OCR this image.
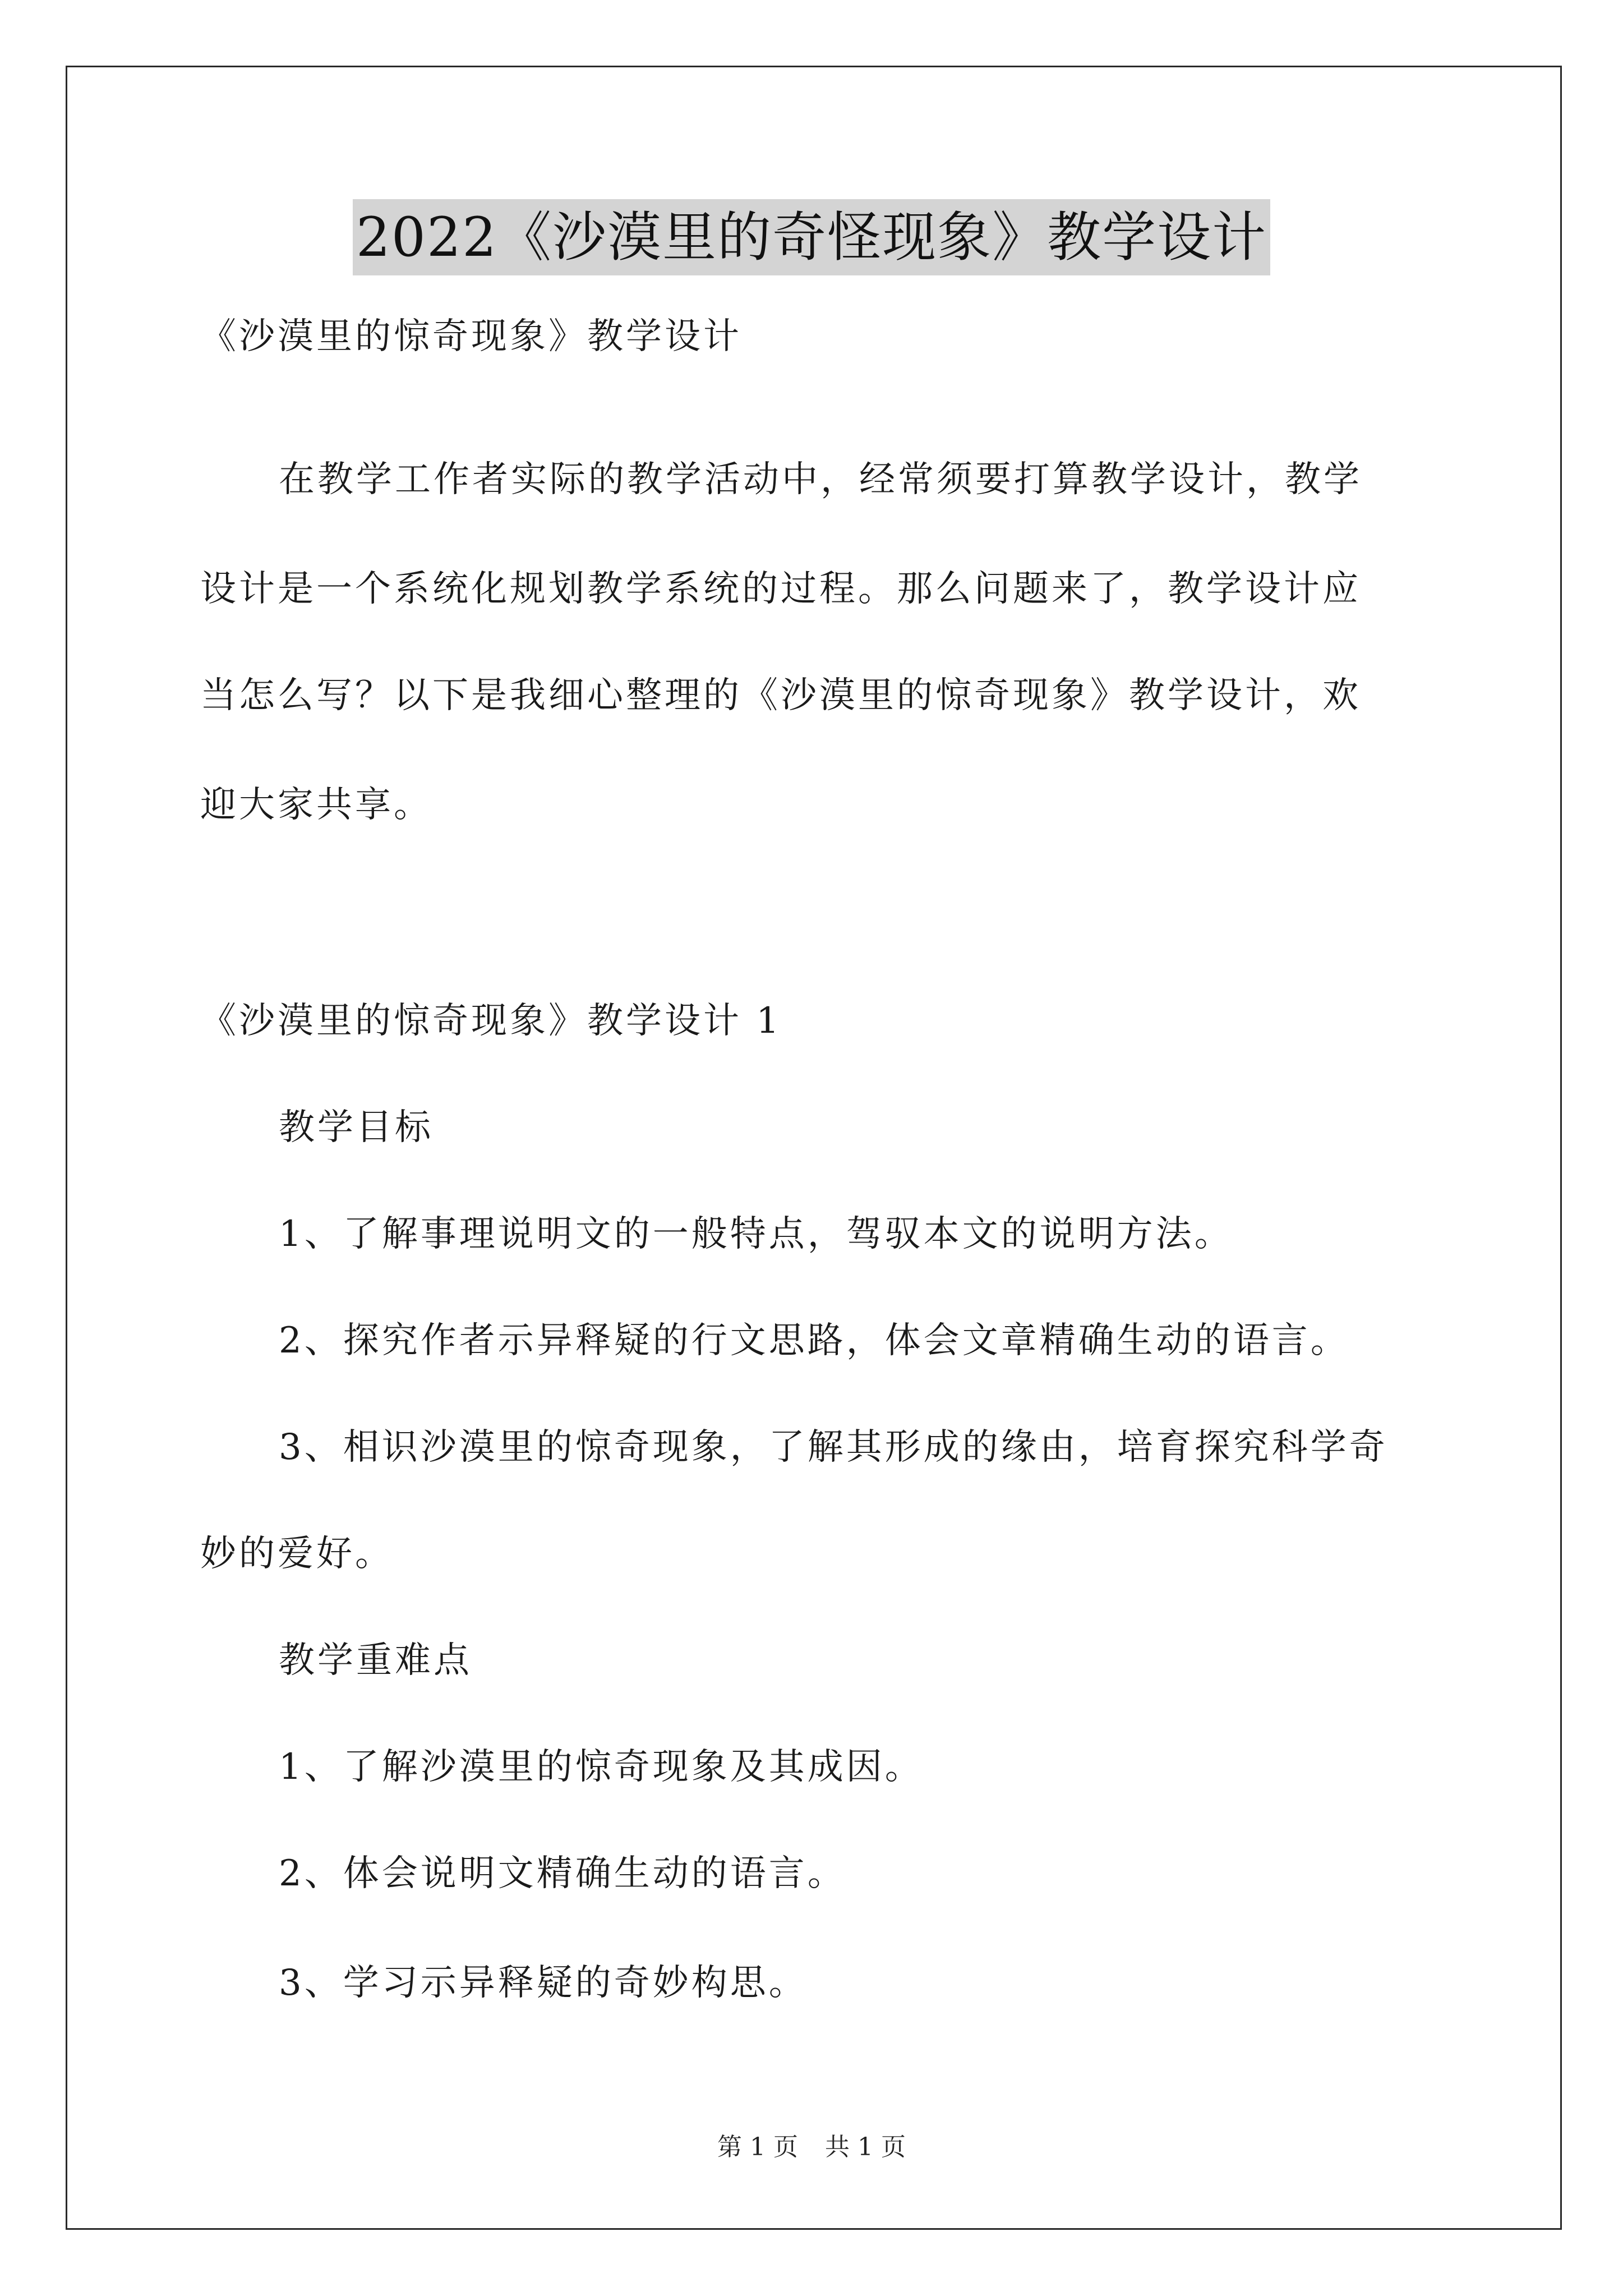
2022《沙漠里的奇怪现象》教学设计
《沙漠里的惊奇现象》教学设计
在教学工作者实际的教学活动中，经常须要打算教学设计，教学
设计是一个系统化规划教学系统的过程。那么问题来了，教学设计应
当怎么写？以下是我细心整理的《沙漠里的惊奇现象》教学设计，欢
迎大家共享。
《沙漠里的惊奇现象》教学设计 1
教学目标
1、了解事理说明文的一般特点，驾驭本文的说明方法。
2、探究作者示异释疑的行文思路，体会文章精确生动的语言。
3、相识沙漠里的惊奇现象，了解其形成的缘由，培育探究科学奇
妙的爱好。
教学重难点
1、了解沙漠里的惊奇现象及其成因。
2、体会说明文精确生动的语言。
3、学习示异释疑的奇妙构思。
第 1 页 共 1 页
